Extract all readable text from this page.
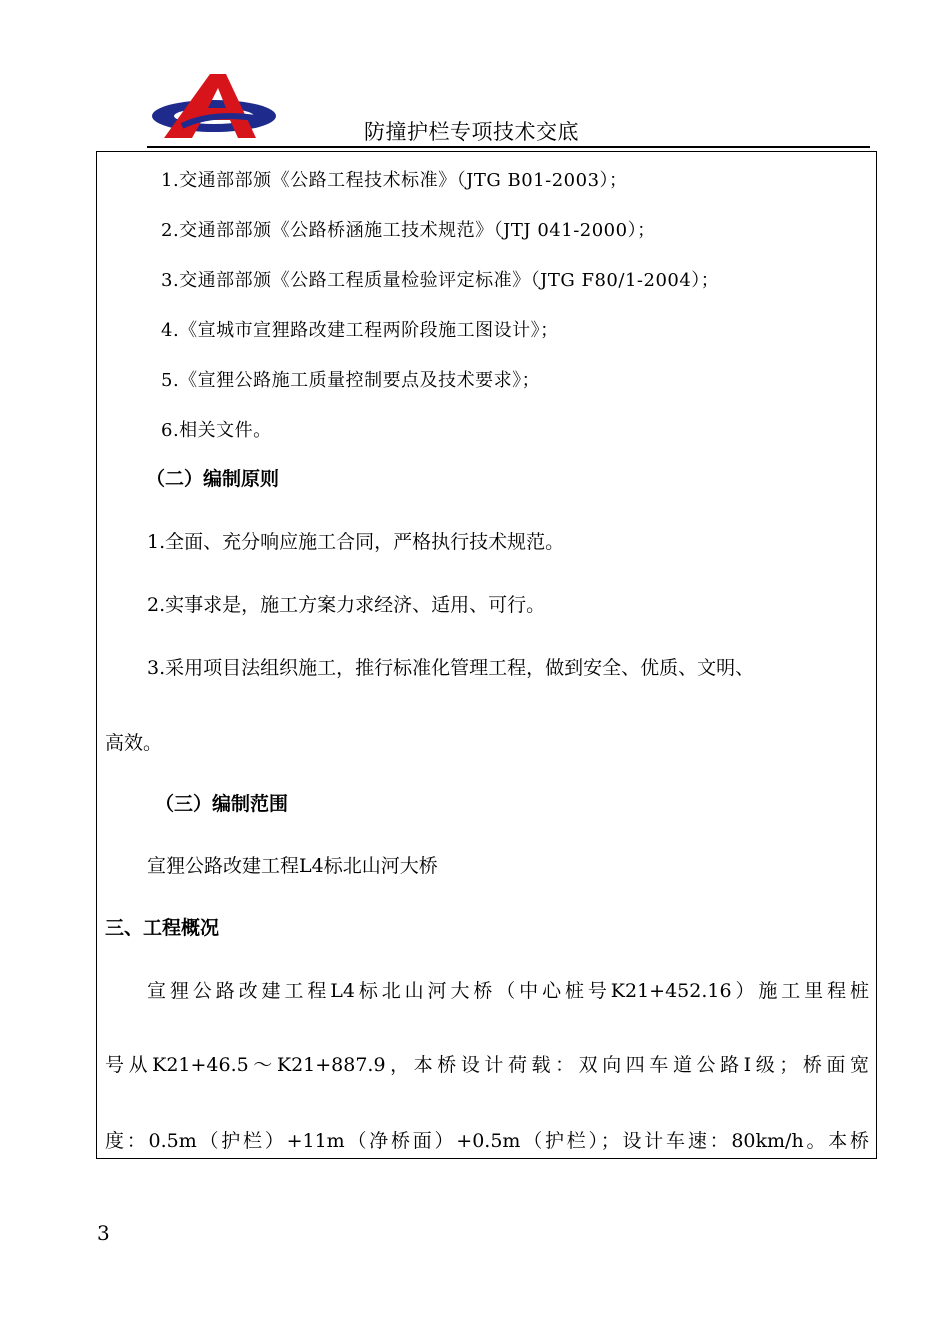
防撞护栏专项技术交底
1.交通部部颁《公路工程技术标准》（JTG B01-2003）；
2.交通部部颁《公路桥涵施工技术规范》（JTJ 041-2000）；
3.交通部部颁《公路工程质量检验评定标准》（JTG F80/1-2004）；
4.《宣城市宣狸路改建工程两阶段施工图设计》；
5.《宣狸公路施工质量控制要点及技术要求》；
6.相关文件。
（二）编制原则
1.全面、充分响应施工合同，严格执行技术规范。
2.实事求是，施工方案力求经济、适用、可行。
3.采用项目法组织施工，推行标准化管理工程，做到安全、优质、文明、
高效。
（三）编制范围
宣狸公路改建工程L4标北山河大桥
三、工程概况
宣狸公路改建工程L4标北山河大桥（中心桩号K21+452.16）施工里程桩
号从K21+46.5～K21+887.9，本桥设计荷载：双向四车道公路Ⅰ级；桥面宽
度：0.5m（护栏）+11m（净桥面）+0.5m（护栏）；设计车速：80km/h。本桥
3
